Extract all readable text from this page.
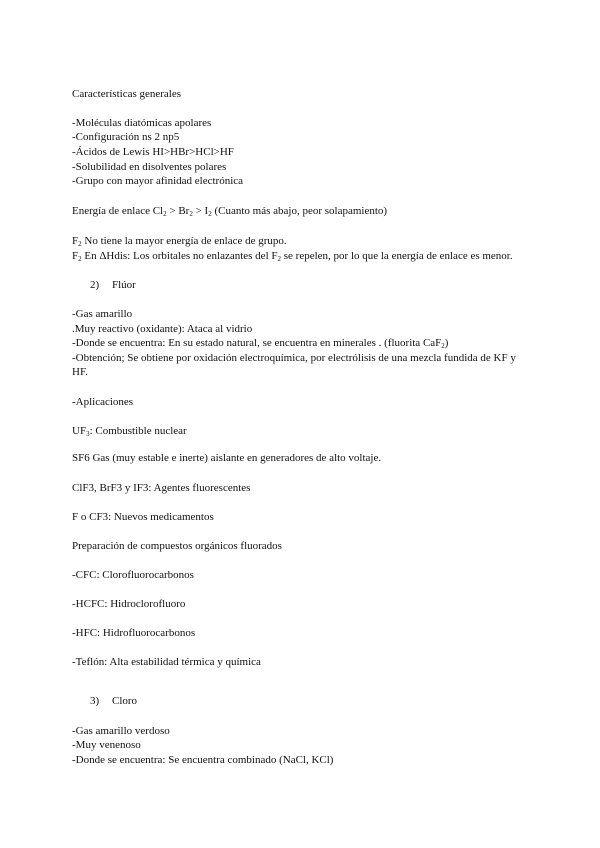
Características generales
-Moléculas diatómicas apolares
-Configuración ns 2 np5
-Ácidos de Lewis HI>HBr>HCl>HF
-Solubilidad en disolventes polares
-Grupo con mayor afinidad electrónica
Energía de enlace $Cl_2 > Br_2 > I_2$ (Cuanto más abajo, peor solapamiento)
$F_2$ No tiene la mayor energía de enlace de grupo.
$F_2$ En ΔHdis: Los orbitales no enlazantes del $F_2$ se repelen, por lo que la energía de enlace es menor.
2) Flúor
-Gas amarillo
.Muy reactivo (oxidante): Ataca al vidrio
-Donde se encuentra: En su estado natural, se encuentra en minerales . (fluorita CaF$_2$)
-Obtención; Se obtiene por oxidación electroquímica, por electrólisis de una mezcla fundida de KF y HF.
-Aplicaciones
$UF_3$: Combustible nuclear
SF6 Gas (muy estable e inerte) aislante en generadores de alto voltaje.
ClF3, BrF3 y IF3: Agentes fluorescentes
F o CF3: Nuevos medicamentos
Preparación de compuestos orgánicos fluorados
-CFC: Clorofluorocarbonos
-HCFC: Hidroclorofluoro
-HFC: Hidrofluorocarbonos
-Teflón: Alta estabilidad térmica y química
3) Cloro
-Gas amarillo verdoso
-Muy venenoso
-Donde se encuentra: Se encuentra combinado (NaCl, KCl)
